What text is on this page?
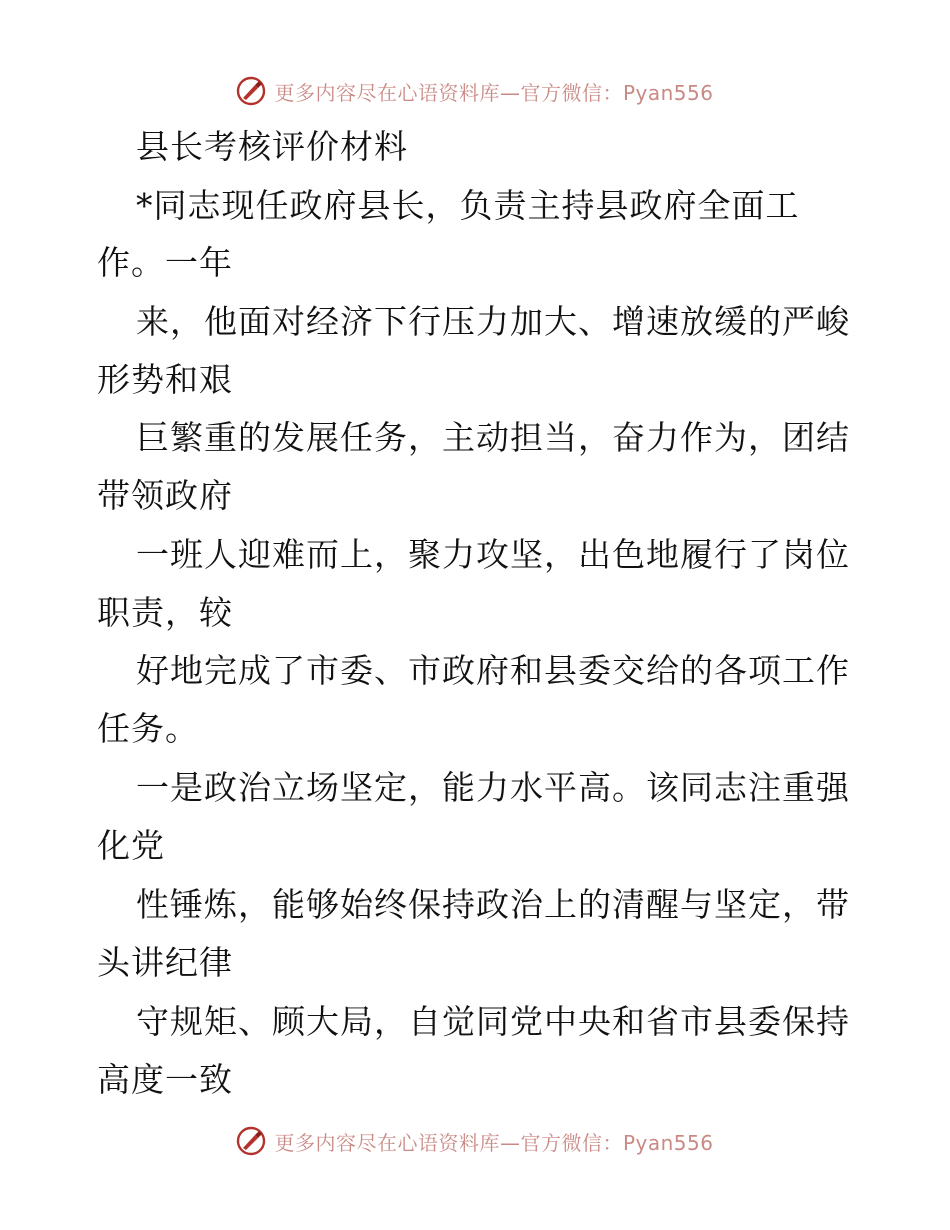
更多内容尽在心语资料库—官方微信：Pyan556
县长考核评价材料
*同志现任政府县长，负责主持县政府全面工
作。一年
来，他面对经济下行压力加大、增速放缓的严峻
形势和艰
巨繁重的发展任务，主动担当，奋力作为，团结
带领政府
一班人迎难而上，聚力攻坚，出色地履行了岗位
职责，较
好地完成了市委、市政府和县委交给的各项工作
任务。
一是政治立场坚定，能力水平高。该同志注重强
化党
性锤炼，能够始终保持政治上的清醒与坚定，带
头讲纪律
守规矩、顾大局，自觉同党中央和省市县委保持
高度一致
更多内容尽在心语资料库—官方微信：Pyan556
